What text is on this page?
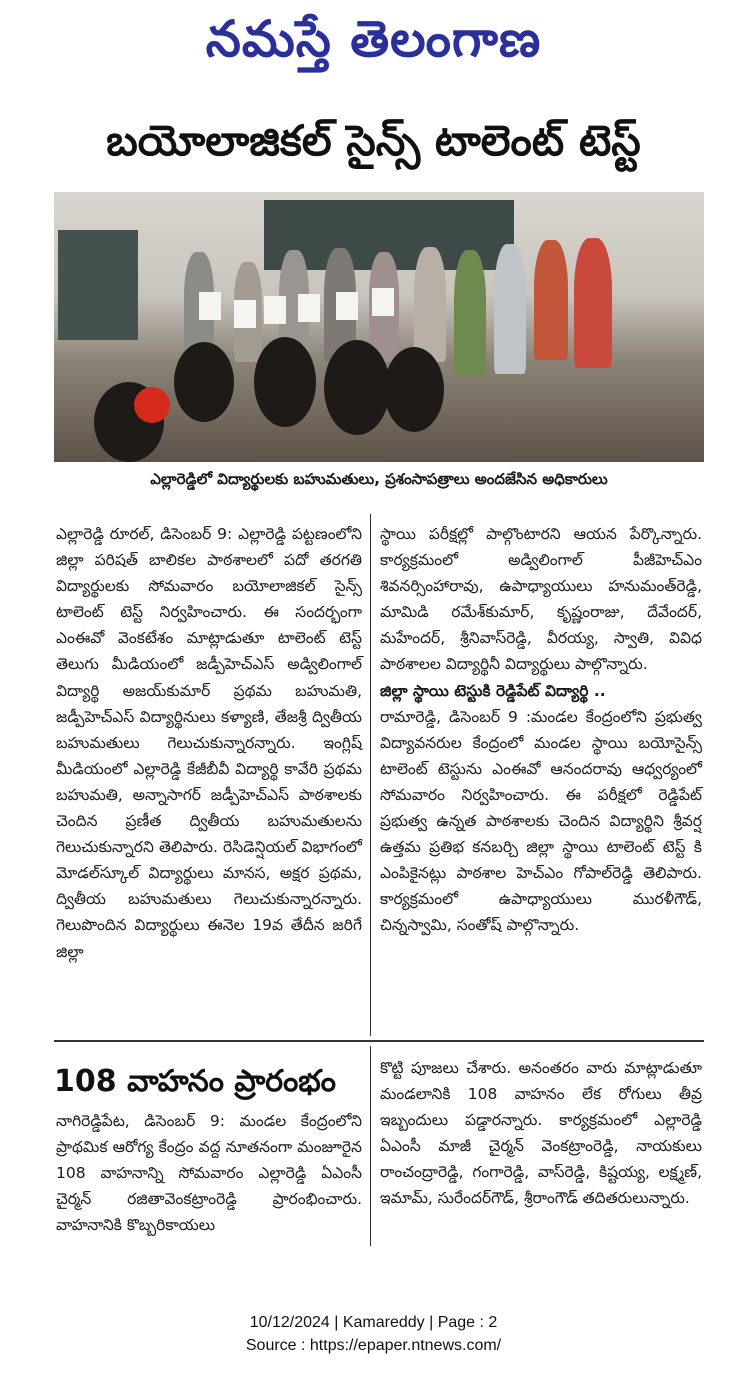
నమస్తే తెలంగాణ
బయోలాజికల్ సైన్స్ టాలెంట్ టెస్ట్
ఎల్లారెడ్డిలో విద్యార్థులకు బహుమతులు, ప్రశంసాపత్రాలు అందజేసిన అధికారులు

ఎల్లారెడ్డి రూరల్, డిసెంబర్ 9: ఎల్లారెడ్డి పట్టణంలోని జిల్లా పరిషత్ బాలికల పాఠశాలలో పదో తరగతి విద్యార్థులకు సోమవారం బయోలాజికల్ సైన్స్ టాలెంట్ టెస్ట్ నిర్వహించారు. ఈ సందర్భంగా ఎంఈవో వెంకటేశం మాట్లాడుతూ టాలెంట్ టెస్ట్ తెలుగు మీడియంలో జడ్పీహెచ్ఎస్ అడ్విలింగాల్ విద్యార్థి అజయ్‌కుమార్ ప్రథమ బహుమతి, జడ్పీహెచ్ఎస్ విద్యార్థినులు కళ్యాణి, తేజశ్రీ ద్వితీయ బహుమతులు గెలుచుకున్నారన్నారు. ఇంగ్లిష్ మీడియంలో ఎల్లారెడ్డి కేజీబీవీ విద్యార్థి కావేరి ప్రథమ బహుమతి, అన్నాసాగర్ జడ్పీహెచ్ఎస్ పాఠశాలకు చెందిన ప్రణీత ద్వితీయ బహుమతులను గెలుచుకున్నారని తెలిపారు. రెసిడెన్షియల్ విభాగంలో మోడల్‌స్కూల్ విద్యార్థులు మానస, అక్షర ప్రథమ, ద్వితీయ బహుమతులు గెలుచుకున్నారన్నారు. గెలుపొందిన విద్యార్థులు ఈనెల 19వ తేదీన జరిగే జిల్లా

స్థాయి పరీక్షల్లో పాల్గొంటారని ఆయన పేర్కొన్నారు. కార్యక్రమంలో అడ్విలింగాల్ పీజీహెచ్ఎం శివనర్సింహారావు, ఉపాధ్యాయులు హనుమంత్‌రెడ్డి, మామిడి రమేశ్‌కుమార్, కృష్ణంరాజు, దేవేందర్, మహేందర్, శ్రీనివాస్‌రెడ్డి, వీరయ్య, స్వాతి, వివిధ పాఠశాలల విద్యార్థినీ విద్యార్థులు పాల్గొన్నారు.

జిల్లా స్థాయి టెస్టుకి రెడ్డిపేట్ విద్యార్థి ..

రామారెడ్డి, డిసెంబర్ 9 :మండల కేంద్రంలోని ప్రభుత్వ విద్యావనరుల కేంద్రంలో మండల స్థాయి బయోసైన్స్ టాలెంట్ టెస్టును ఎంఈవో ఆనందరావు ఆధ్వర్యంలో సోమవారం నిర్వహించారు. ఈ పరీక్షలో రెడ్డిపేట్ ప్రభుత్వ ఉన్నత పాఠశాలకు చెందిన విద్యార్థిని శ్రీవర్ష ఉత్తమ ప్రతిభ కనబర్చి జిల్లా స్థాయి టాలెంట్ టెస్ట్ కి ఎంపికైనట్లు పాఠశాల హెచ్ఎం గోపాల్‌రెడ్డి తెలిపారు. కార్యక్రమంలో ఉపాధ్యాయులు మురళీగౌడ్, చిన్నస్వామి, సంతోష్ పాల్గొన్నారు.

108 వాహనం ప్రారంభం

నాగిరెడ్డిపేట, డిసెంబర్ 9: మండల కేంద్రంలోని ప్రాథమిక ఆరోగ్య కేంద్రం వద్ద నూతనంగా మంజూరైన 108 వాహనాన్ని సోమవారం ఎల్లారెడ్డి ఏఎంసీ చైర్మన్ రజితావెంకట్రాంరెడ్డి ప్రారంభించారు. వాహనానికి కొబ్బరికాయలు

కొట్టి పూజలు చేశారు. అనంతరం వారు మాట్లాడుతూ మండలానికి 108 వాహనం లేక రోగులు తీవ్ర ఇబ్బందులు పడ్డారన్నారు. కార్యక్రమంలో ఎల్లారెడ్డి ఏఎంసీ మాజీ చైర్మన్ వెంకట్రాంరెడ్డి, నాయకులు రాంచంద్రారెడ్డి, గంగారెడ్డి, వాస్‌రెడ్డి, కిష్టయ్య, లక్ష్మణ్, ఇమామ్, సురేందర్‌గౌడ్, శ్రీరాంగౌడ్ తదితరులున్నారు.

10/12/2024 | Kamareddy | Page : 2
Source : https://epaper.ntnews.com/
